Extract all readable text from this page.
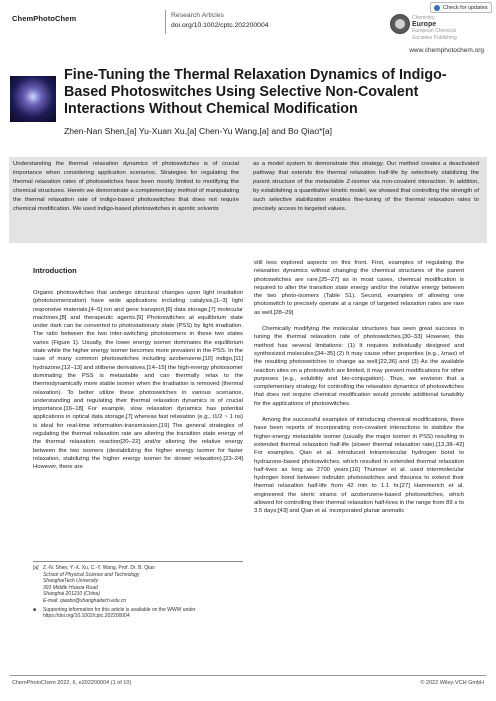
ChemPhotoChem	Research Articles
doi.org/10.1002/cptc.202200004
Check for updates
Chemistry
Europe
European Chemical
Societies Publishing
www.chemphotochem.org
Fine-Tuning the Thermal Relaxation Dynamics of Indigo-Based Photoswitches Using Selective Non-Covalent Interactions Without Chemical Modification
Zhen-Nan Shen,[a] Yu-Xuan Xu,[a] Chen-Yu Wang,[a] and Bo Qiao*[a]
Understanding the thermal relaxation dynamics of photoswitches is of crucial importance when considering application scenarios. Strategies for regulating the thermal relaxation rates of photoswitches have been mostly limited to modifying the chemical structures. Herein we demonstrate a complementary method of manipulating the thermal relaxation rate of indigo-based photoswitches that does not require chemical modification. We used indigo-based photoswitches in aprotic solvents
as a model system to demonstrate this strategy. Our method creates a deactivated pathway that extends the thermal relaxation half-life by selectively stabilizing the parent structure of the metastable Z-isomer via non-covalent interaction. In addition, by establishing a quantitative kinetic model, we showed that controlling the strength of such selective stabilization enables fine-tuning of the thermal relaxation rates to precisely access to targeted values.
Introduction

Organic photoswitches that undergo structural changes upon light irradiation (photoisomerization) have wide applications including catalysis,[1–3] light responsive materials,[4–5] ion and gene transport,[6] data storage,[7] molecular machines,[8] and therapeutic agents.[9] Photoswitches at equilibrium state under dark can be converted to photostationary state (PSS) by light irradiation. The ratio between the two inter-switching photoisomers in these two states varies (Figure 1). Usually, the lower energy isomer dominates the equilibrium state while the higher energy isomer becomes more prevalent in the PSS. In the case of many common photoswitches including azobenzene,[10] indigo,[11] hydrazone,[12–13] and stilbene derivatives,[14–15] the high-energy photoisomer dominating the PSS is metastable and can thermally relax to the thermodynamically more stable isomer when the irradiation is removed (thermal relaxation). To better utilize these photoswitches in various scenarios, understanding and regulating their thermal relaxation dynamics is of crucial importance.[16–18] For example, slow relaxation dynamics has potential applications in optical data storage,[7] whereas fast relaxation (e.g., t1/2 ~ 1 ns) is ideal for real-time information-transmission.[19] The general strategies of regulating the thermal relaxation rate are altering the transition state energy of the thermal relaxation reaction[20–22] and/or altering the relative energy between the two isomers (destabilizing the higher energy isomer for faster relaxation, stabilizing the higher energy isomer for slower relaxation).[23–24] However, there are

still less explored aspects on this front. First, examples of regulating the relaxation dynamics without changing the chemical structures of the parent photoswitches are rare,[25–27] as in most cases, chemical modification is required to alter the transition state energy and/or the relative energy between the two photo-isomers (Table S1). Second, examples of allowing one photoswitch to precisely operate at a range of targeted relaxation rates are rare as well.[28–29]

Chemically modifying the molecular structures has seen great success in tuning the thermal relaxation rate of photoswitches.[30–33] However, this method has several limitations: (1) It requires individually designed and synthesized molecules;[34–35] (2) It may cause other properties (e.g., λmax) of the resulting photoswitches to change as well;[22,36] and (3) As the available reaction sites on a photoswitch are limited, it may prevent modifications for other purposes (e.g., solubility and bio-conjugation). Thus, we envision that a complementary strategy for controlling the relaxation dynamics of photoswitches that does not require chemical modification would provide additional tunability for the applications of photoswitches.

Among the successful examples of introducing chemical modifications, there have been reports of incorporating non-covalent interactions to stabilize the higher-energy metastable isomer (usually the major isomer in PSS) resulting in extended thermal relaxation half-life (slower thermal relaxation rate).[13,38–42] For examples, Qian et al. introduced intramolecular hydrogen bond to hydrazone-based photoswitches, which resulted in extended thermal relaxation half-lives as long as 2700 years.[16] Thumser et al. used intermolecular hydrogen bond between indirubin photoswitches and thiourea to extend their thermal relaxation half-life from 42 min to 1.1 hr.[27] Hammerich et al. engineered the steric strains of azobenzene-based photoswitches, which allowed for controlling their thermal relaxation half-lives in the range from 89 s to 3.5 days;[43] and Qian et al. incorporated planar aromatic

[a] Z.-N. Shen, Y.-X. Xu, C.-Y. Wang, Prof. Dr. B. Qiao
School of Physical Science and Technology
ShanghaiTech University
393 Middle Huaxia Road
Shanghai 201210 (China)
E-mail: qiaobo@shanghaitech.edu.cn
■	Supporting information for this article is available on the WWW under https://doi.org/10.1002/cptc.202200004
ChemPhotoChem 2022, 6, e202200004 (1 of 10)	© 2022 Wiley-VCH GmbH
